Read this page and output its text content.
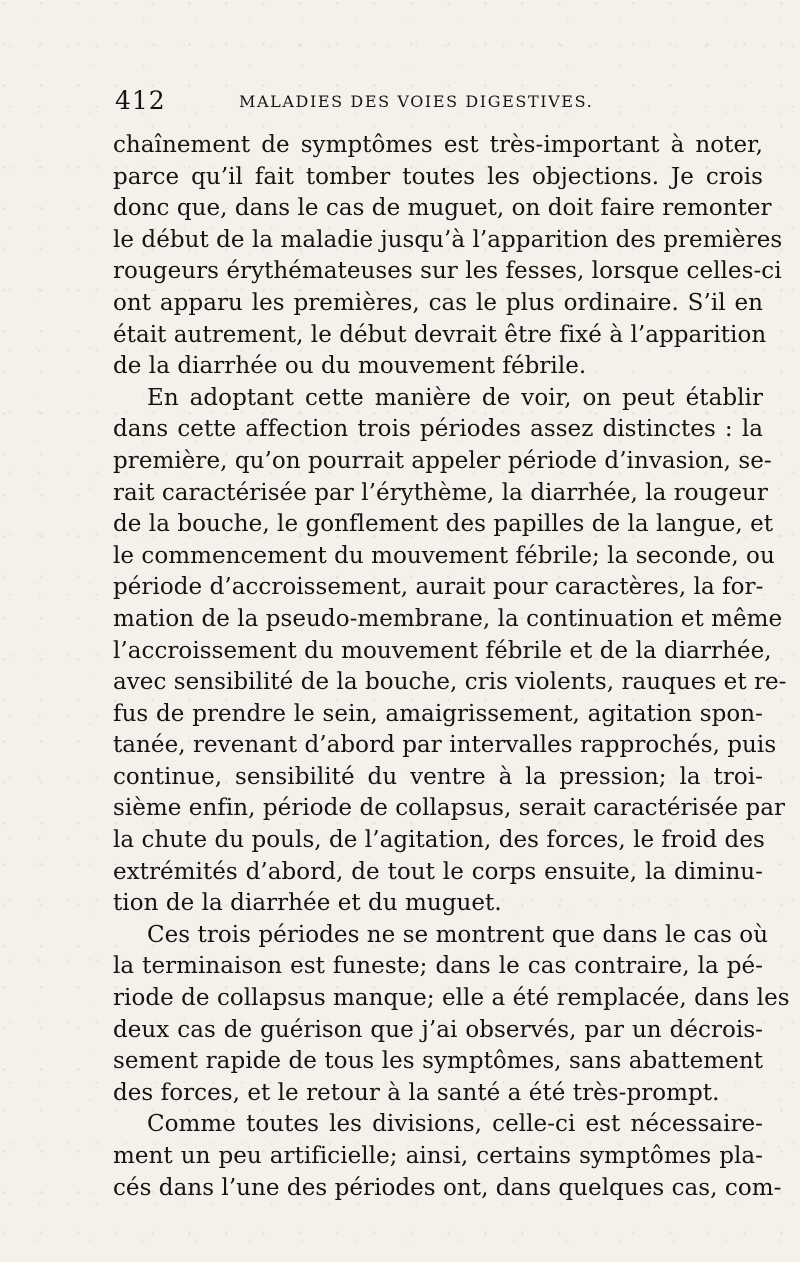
412	MALADIES DES VOIES DIGESTIVES.
chaînement de symptômes est très-important à noter,
parce qu’il fait tomber toutes les objections. Je crois
donc que, dans le cas de muguet, on doit faire remonter
le début de la maladie jusqu’à l’apparition des premières
rougeurs érythémateuses sur les fesses, lorsque celles-ci
ont apparu les premières, cas le plus ordinaire. S’il en
était autrement, le début devrait être fixé à l’apparition
de la diarrhée ou du mouvement fébrile.
En adoptant cette manière de voir, on peut établir
dans cette affection trois périodes assez distinctes : la
première, qu’on pourrait appeler période d’invasion, se-
rait caractérisée par l’érythème, la diarrhée, la rougeur
de la bouche, le gonflement des papilles de la langue, et
le commencement du mouvement fébrile; la seconde, ou
période d’accroissement, aurait pour caractères, la for-
mation de la pseudo-membrane, la continuation et même
l’accroissement du mouvement fébrile et de la diarrhée,
avec sensibilité de la bouche, cris violents, rauques et re-
fus de prendre le sein, amaigrissement, agitation spon-
tanée, revenant d’abord par intervalles rapprochés, puis
continue, sensibilité du ventre à la pression; la troi-
sième enfin, période de collapsus, serait caractérisée par
la chute du pouls, de l’agitation, des forces, le froid des
extrémités d’abord, de tout le corps ensuite, la diminu-
tion de la diarrhée et du muguet.
Ces trois périodes ne se montrent que dans le cas où
la terminaison est funeste; dans le cas contraire, la pé-
riode de collapsus manque; elle a été remplacée, dans les
deux cas de guérison que j’ai observés, par un décrois-
sement rapide de tous les symptômes, sans abattement
des forces, et le retour à la santé a été très-prompt.
Comme toutes les divisions, celle-ci est nécessaire-
ment un peu artificielle; ainsi, certains symptômes pla-
cés dans l’une des périodes ont, dans quelques cas, com-
